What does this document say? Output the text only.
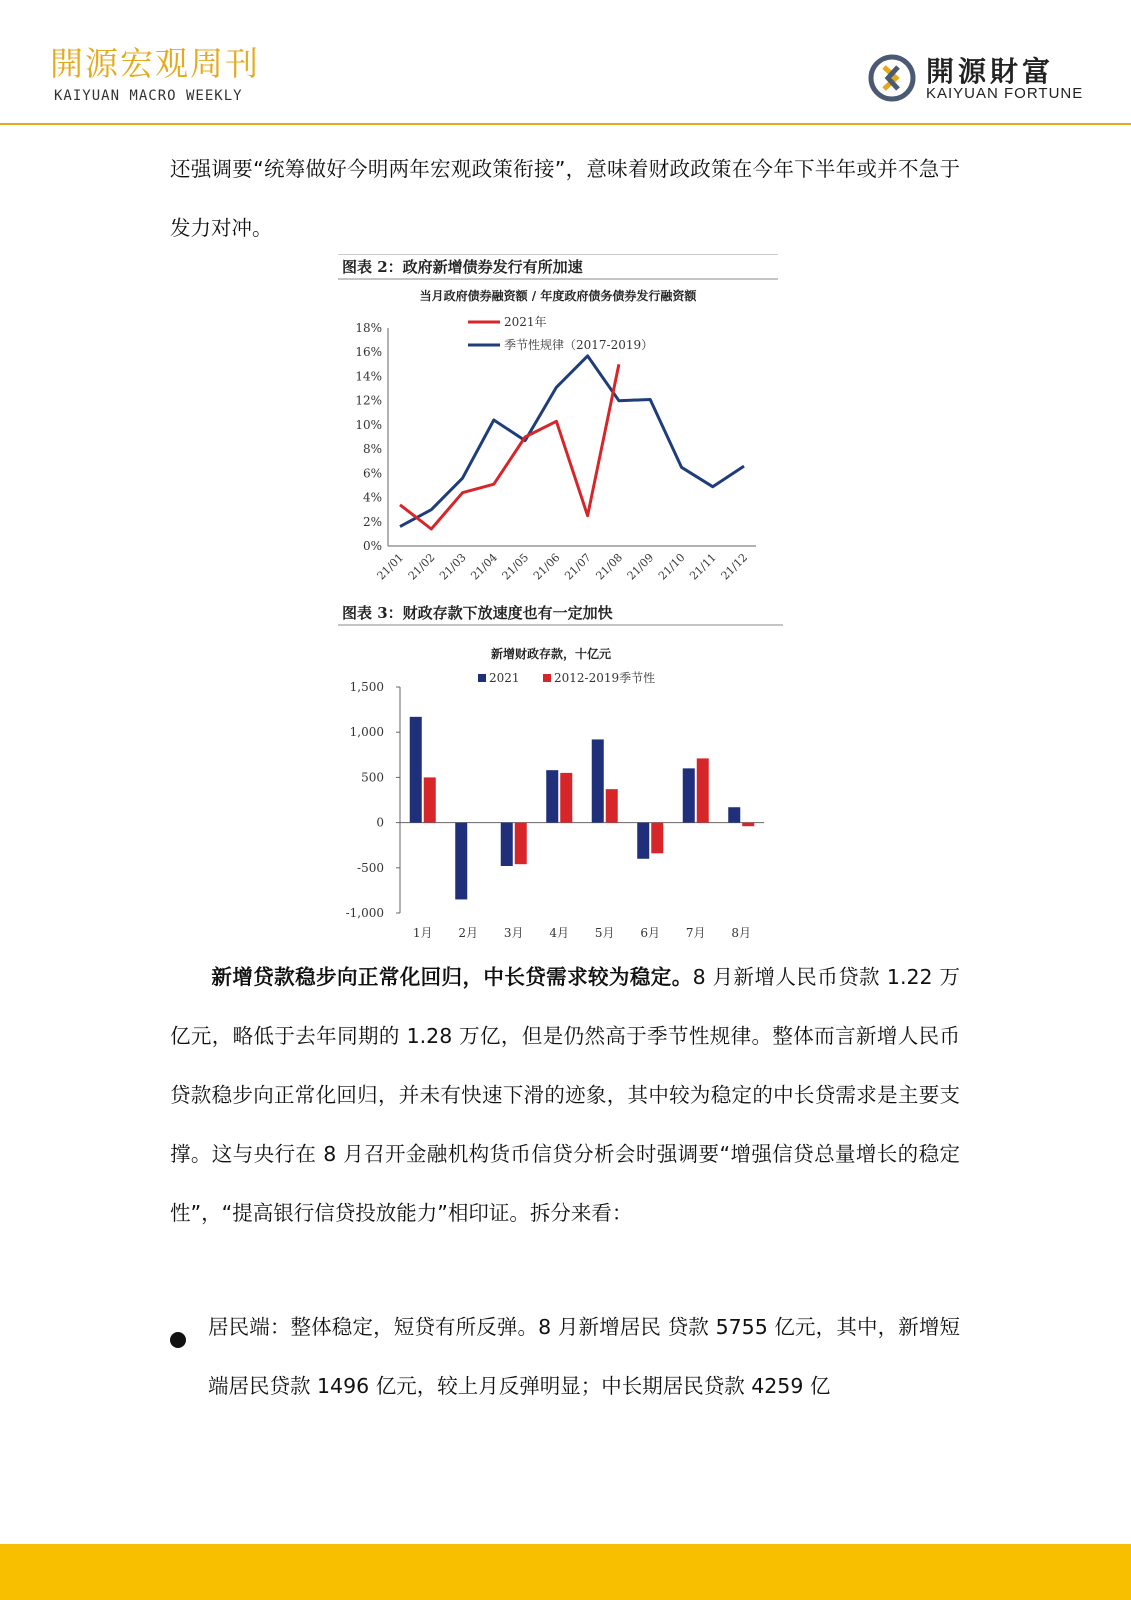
開源宏观周刊
KAIYUAN MACRO WEEKLY
開源財富
KAIYUAN FORTUNE

还强调要“统筹做好今明两年宏观政策衔接”，意味着财政政策在今年下半年或并不急于发力对冲。

图表 2：政府新增债券发行有所加速
当月政府债券融资额 / 年度政府债务债券发行融资额
0%
2%
4%
6%
8%
10%
12%
14%
16%
18%
21/01 21/02 21/03 21/04 21/05 21/06 21/07 21/08 21/09 21/10 21/11 21/12
2021年
季节性规律（2017-2019）
图表 3：财政存款下放速度也有一定加快
新增财政存款，十亿元
-1,000
-500
0
500
1,000
1,500
1月 2月 3月 4月 5月 6月 7月 8月
2021	2012-2019季节性

新增贷款稳步向正常化回归，中长贷需求较为稳定。8 月新增人民币贷款 1.22 万亿元，略低于去年同期的 1.28 万亿，但是仍然高于季节性规律。整体而言新增人民币贷款稳步向正常化回归，并未有快速下滑的迹象，其中较为稳定的中长贷需求是主要支撑。这与央行在 8 月召开金融机构货币信贷分析会时强调要“增强信贷总量增长的稳定性”，“提高银行信贷投放能力”相印证。拆分来看：

居民端：整体稳定，短贷有所反弹。8 月新增居民 贷款 5755 亿元，其中，新增短端居民贷款 1496 亿元，较上月反弹明显；中长期居民贷款 4259 亿
